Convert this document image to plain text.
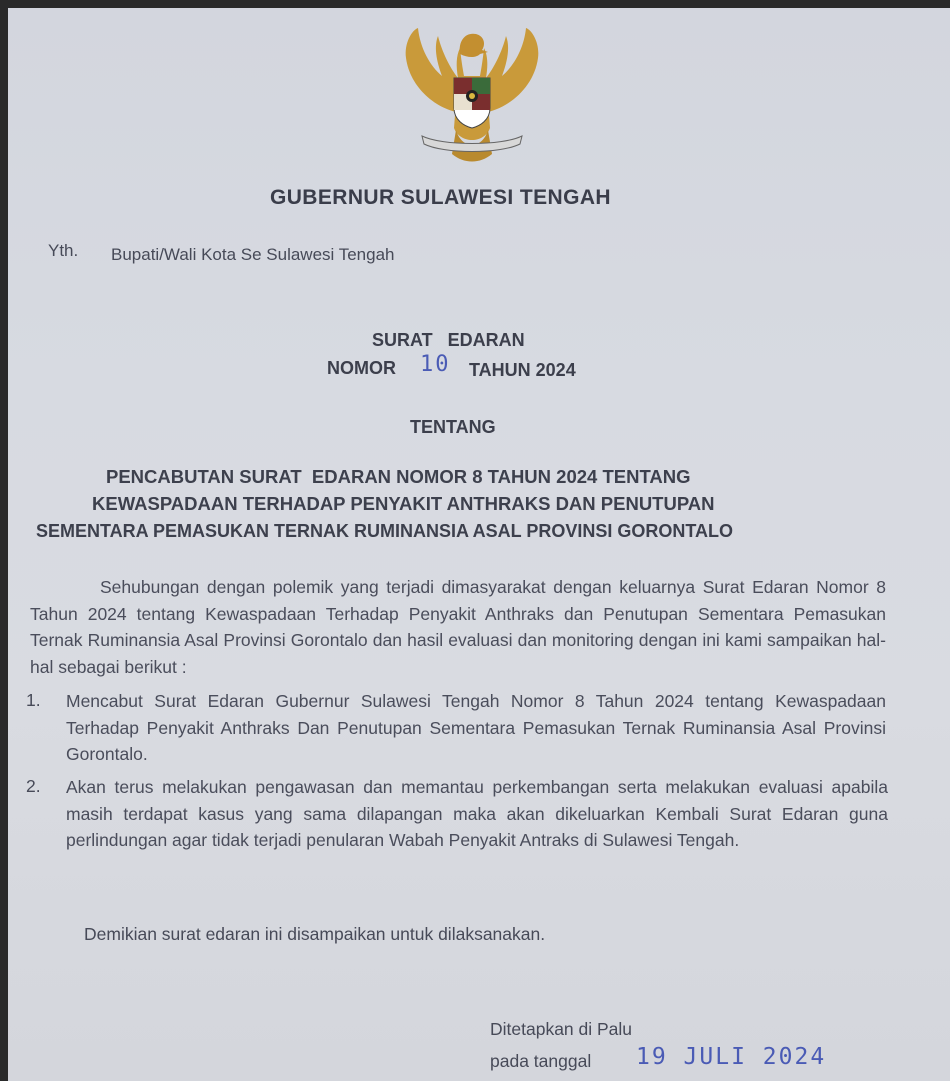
GUBERNUR SULAWESI TENGAH
Yth. Bupati/Wali Kota Se Sulawesi Tengah
SURAT   EDARAN
NOMOR 10 TAHUN 2024
TENTANG
PENCABUTAN SURAT  EDARAN NOMOR 8 TAHUN 2024 TENTANG
KEWASPADAAN TERHADAP PENYAKIT ANTHRAKS DAN PENUTUPAN
SEMENTARA PEMASUKAN TERNAK RUMINANSIA ASAL PROVINSI GORONTALO
Sehubungan dengan polemik yang terjadi dimasyarakat dengan keluarnya Surat Edaran Nomor 8 Tahun 2024 tentang Kewaspadaan Terhadap Penyakit Anthraks dan Penutupan Sementara Pemasukan Ternak Ruminansia Asal Provinsi Gorontalo dan hasil evaluasi dan monitoring dengan ini kami sampaikan hal-hal sebagai berikut :
1. Mencabut Surat Edaran Gubernur Sulawesi Tengah Nomor 8 Tahun 2024 tentang Kewaspadaan Terhadap Penyakit Anthraks Dan Penutupan Sementara Pemasukan Ternak Ruminansia Asal Provinsi Gorontalo.
2. Akan terus melakukan pengawasan dan memantau perkembangan serta melakukan evaluasi apabila masih terdapat kasus yang sama dilapangan maka akan dikeluarkan Kembali Surat Edaran guna perlindungan agar tidak terjadi penularan Wabah Penyakit Antraks di Sulawesi Tengah.
Demikian surat edaran ini disampaikan untuk dilaksanakan.
Ditetapkan di Palu
pada tanggal 19 JULI 2024
